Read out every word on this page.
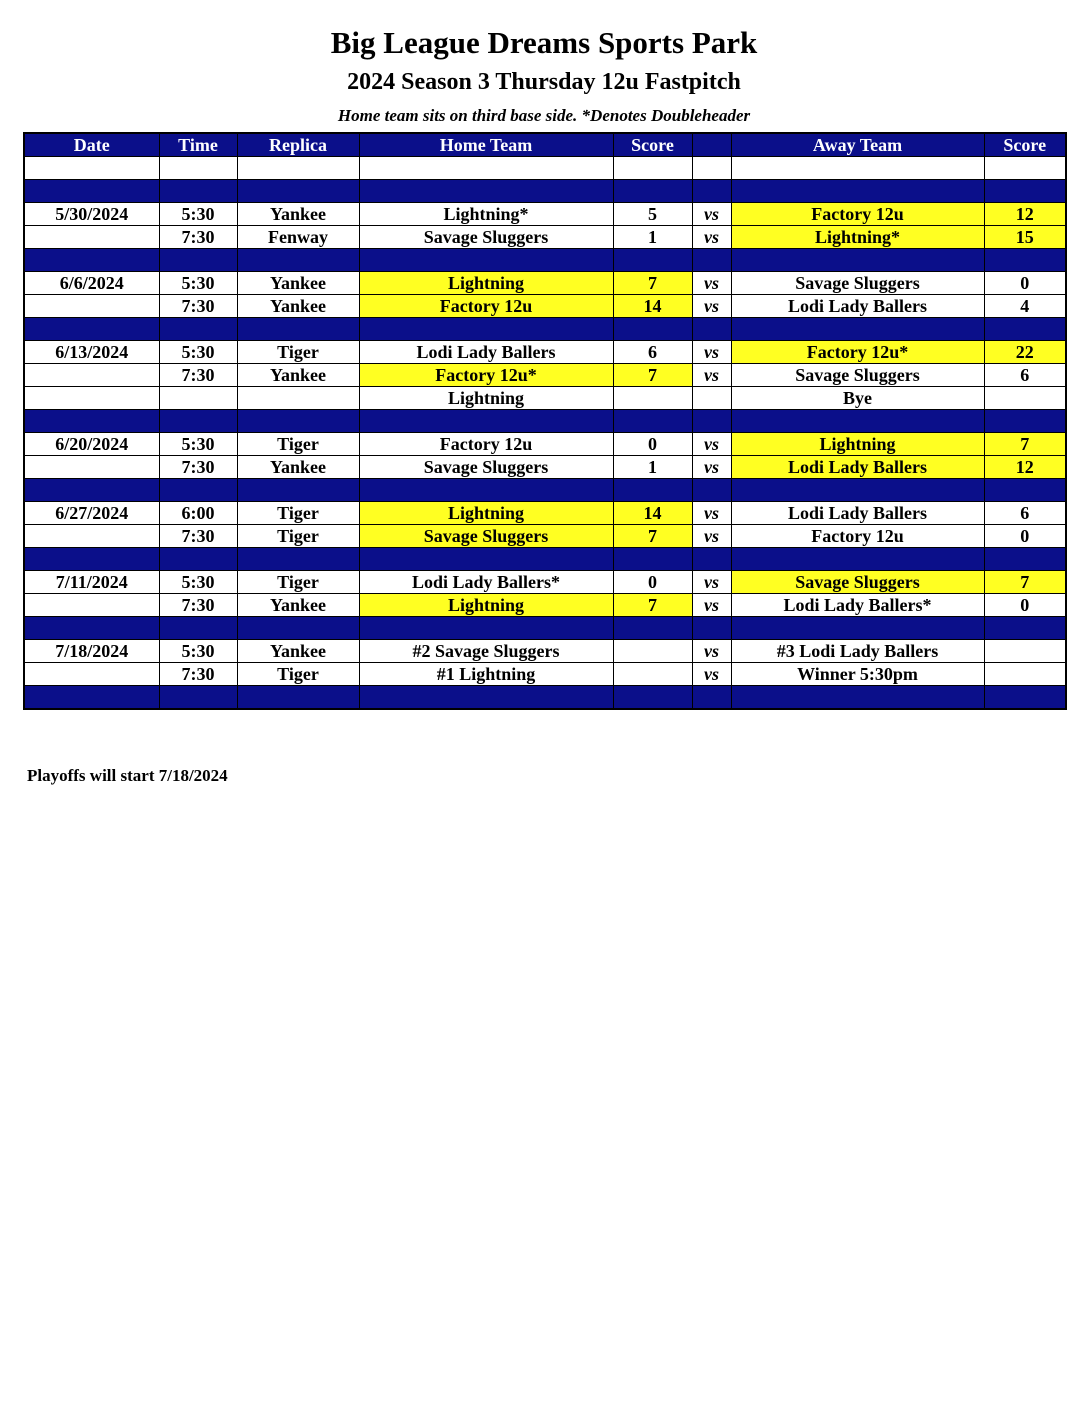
Big League Dreams Sports Park
2024 Season 3 Thursday 12u Fastpitch
Home team sits on third base side. *Denotes Doubleheader
Date	Time	Replica	Home Team	Score		Away Team	Score

5/30/2024	5:30	Yankee	Lightning*	5	vs	Factory 12u	12
	7:30	Fenway	Savage Sluggers	1	vs	Lightning*	15

6/6/2024	5:30	Yankee	Lightning	7	vs	Savage Sluggers	0
	7:30	Yankee	Factory 12u	14	vs	Lodi Lady Ballers	4

6/13/2024	5:30	Tiger	Lodi Lady Ballers	6	vs	Factory 12u*	22
	7:30	Yankee	Factory 12u*	7	vs	Savage Sluggers	6
			Lightning			Bye	

6/20/2024	5:30	Tiger	Factory 12u	0	vs	Lightning	7
	7:30	Yankee	Savage Sluggers	1	vs	Lodi Lady Ballers	12

6/27/2024	6:00	Tiger	Lightning	14	vs	Lodi Lady Ballers	6
	7:30	Tiger	Savage Sluggers	7	vs	Factory 12u	0

7/11/2024	5:30	Tiger	Lodi Lady Ballers*	0	vs	Savage Sluggers	7
	7:30	Yankee	Lightning	7	vs	Lodi Lady Ballers*	0

7/18/2024	5:30	Yankee	#2 Savage Sluggers		vs	#3 Lodi Lady Ballers	
	7:30	Tiger	#1 Lightning		vs	Winner 5:30pm	

Playoffs will start 7/18/2024
